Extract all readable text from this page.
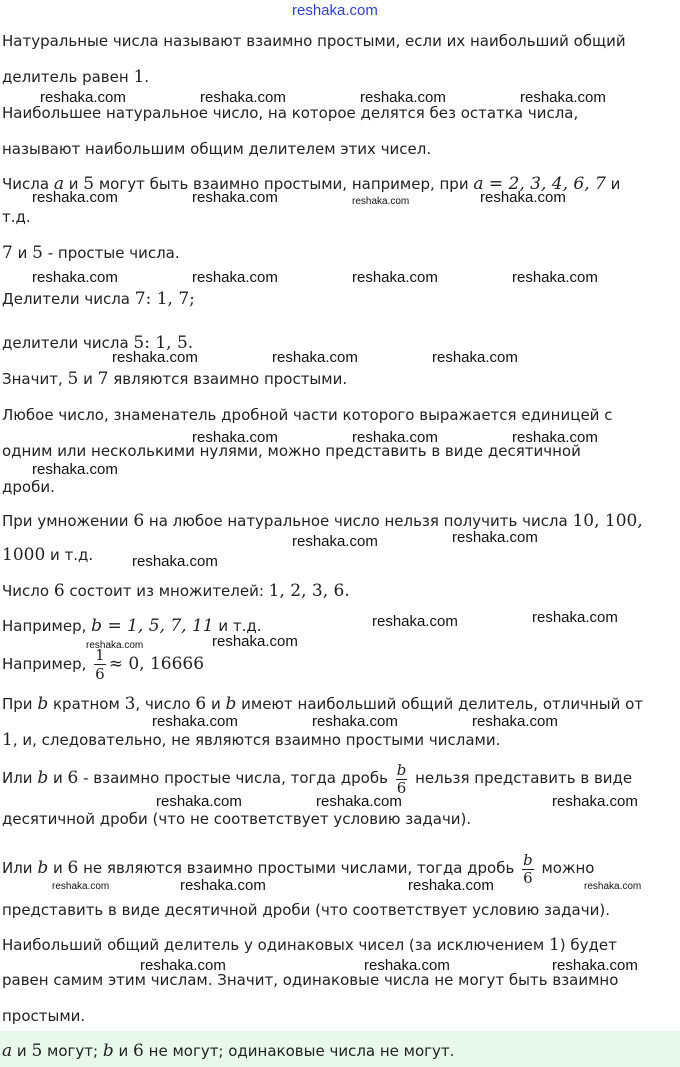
reshaka.com
Натуральные числа называют взаимно простыми, если их наибольший общий
делитель равен 1.
Наибольшее натуральное число, на которое делятся без остатка числа,
называют наибольшим общим делителем этих чисел.
Числа a и 5 могут быть взаимно простыми, например, при a = 2, 3, 4, 6, 7 и
т.д.
7 и 5 - простые числа.
Делители числа 7: 1, 7;
делители числа 5: 1, 5.
Значит, 5 и 7 являются взаимно простыми.
Любое число, знаменатель дробной части которого выражается единицей с
одним или несколькими нулями, можно представить в виде десятичной
дроби.
При умножении 6 на любое натуральное число нельзя получить числа 10, 100,
1000 и т.д.
Число 6 состоит из множителей: 1, 2, 3, 6.
Например, b = 1, 5, 7, 11 и т.д.
Например, $\frac{1}{6} \approx 0$, 16666
При b кратном 3, число 6 и b имеют наибольший общий делитель, отличный от
1, и, следовательно, не являются взаимно простыми числами.
Или b и 6 - взаимно простые числа, тогда дробь $\frac{b}{6}$ нельзя представить в виде
десятичной дроби (что не соответствует условию задачи).
Или b и 6 не являются взаимно простыми числами, тогда дробь $\frac{b}{6}$ можно
представить в виде десятичной дроби (что соответствует условию задачи).
Наибольший общий делитель у одинаковых чисел (за исключением 1) будет
равен самим этим числам. Значит, одинаковые числа не могут быть взаимно
простыми.
a и 5 могут; b и 6 не могут; одинаковые числа не могут.
reshaka.com	reshaka.com	reshaka.com	reshaka.com
reshaka.com	reshaka.com	reshaka.com	reshaka.com
reshaka.com	reshaka.com	reshaka.com	reshaka.com
reshaka.com	reshaka.com	reshaka.com
reshaka.com	reshaka.com	reshaka.com
reshaka.com
reshaka.com	reshaka.com
reshaka.com
reshaka.com	reshaka.com
reshaka.com	reshaka.com
reshaka.com	reshaka.com	reshaka.com
reshaka.com	reshaka.com	reshaka.com
reshaka.com	reshaka.com	reshaka.com	reshaka.com
reshaka.com	reshaka.com	reshaka.com
